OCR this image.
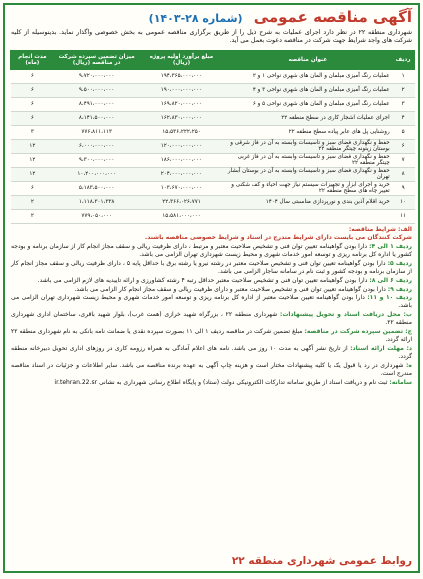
آگهی مناقصه عمومی (شماره ۲۸-۱۴۰۳)
شهرداری منطقه ۲۲ در نظر دارد اجرای عملیات به شرح ذیل را از طریق برگزاری مناقصه عمومی به بخش خصوصی واگذار نماید. بدینوسیله از کلیه شرکت های واجد شرایط جهت شرکت در مناقصه دعوت بعمل می آید.
ردیف	عنوان مناقصه	مبلغ برآورد اولیه پروژه (ریال)	میزان تضمین سپرده شرکت در مناقصه (ریال)	مدت انجام (ماه)
۱	عملیات رنگ آمیزی مبلمان و المان های شهری نواحی ۱ و ۲	۱۹۴،۳۶۵،۰۰۰،۰۰۰	۹،۷۲۰،۰۰۰،۰۰۰	۶
۲	عملیات رنگ آمیزی مبلمان و المان های شهری نواحی ۳ و ۴	۱۹۰،۰۰۰،۰۰۰،۰۰۰	۹،۵۰۰،۰۰۰،۰۰۰	۶
۳	عملیات رنگ آمیزی مبلمان و المان های شهری نواحی ۵ و ۶	۱۶۹،۸۲۰،۰۰۰،۰۰۰	۸،۴۹۱،۰۰۰،۰۰۰	۶
۴	اجرای عملیات اشجار کاری در سطح منطقه ۲۲	۱۶۲،۸۳۰،۰۰۰،۰۰۰	۸،۱۴۱،۵۰۰،۰۰۰	۶
۵	روشنایی پل های عابر پیاده سطح منطقه ۲۲	۱۵،۵۳۶،۲۲۲،۲۵۰	۷۷۶،۸۱۱،۱۱۳	۳
۶	حفظ و نگهداری فضای سبز و تاسیسات وابسته به آن در فاز شرقی و بوستان زیتونه چیتگر منطقه ۲۲	۱۲۰،۰۰۰،۰۰۰،۰۰۰	۶،۰۰۰،۰۰۰،۰۰۰	۱۲
۷	حفظ و نگهداری فضای سبز و تاسیسات وابسته به آن در فاز غربی چیتگر منطقه ۲۲	۱۸۶،۰۰۰،۰۰۰،۰۰۰	۹،۳۰۰،۰۰۰،۰۰۰	۱۲
۸	حفظ و نگهداری فضای سبز و تاسیسات وابسته به آن در بوستان آبشار تهران	۲۰۴،۰۰۰،۰۰۰،۰۰۰	۱۰،۲۰۰،۰۰۰،۰۰۰	۱۲
۹	خرید و اجرای ابزار و تجهیزات سیستم نیاز جهت احیاء و کف شکنی و تغییر چاه های سطح منطقه ۲۲	۱۰۳،۶۷۰،۰۰۰،۰۰۰	۵،۱۸۳،۵۰۰،۰۰۰	۶
۱۰	خرید اقلام آذین بندی و نورپردازی مناسبتی سال ۱۴۰۴	۲۲،۳۶۶،۰۲۶،۷۷۱	۱،۱۱۸،۳۰۱،۳۳۸	۲
۱۱		۱۵،۵۸۱،۰۰۰،۰۰۰	۷۷۹،۰۵۰،۰۰۰	۲

الف: شرایط مناقصه:

شرکت کنندگان می بایست دارای شرایط مندرج در اسناد و شرایط خصوصی مناقصه باشند.

ردیف ۱ الی ۴: دارا بودن گواهینامه تعیین توان فنی و تشخیص صلاحیت معتبر و مرتبط ، دارای ظرفیت ریالی و سقف مجاز انجام کار از سازمان برنامه و بودجه کشور یا اداره کل برنامه ریزی و توسعه امور خدمات شهری و محیط زیست شهرداری تهران الزامی می باشد.

ردیف ۵: دارا بودن گواهینامه تعیین توان فنی و تشخیص صلاحیت معتبر در رشته نیرو یا رشته برق با حداقل پایه ۵ ، دارای ظرفیت ریالی و سقف مجاز انجام کار از سازمان برنامه و بودجه کشور و ثبت نام در سامانه ساجار الزامی می باشد.

ردیف ۶ الی ۸: دارا بودن گواهینامه تعیین توان فنی و تشخیص صلاحیت معتبر حداقل رتبه ۴ رشته کشاورزی و ارائه تاییدیه های لازم الزامی می باشد.

ردیف ۹: دارا بودن گواهینامه تعیین توان فنی و تشخیص صلاحیت معتبر و دارای ظرفیت ریالی و سقف مجاز انجام کار الزامی می باشد.

ردیف ۱۰ و ۱۱: دارا بودن گواهینامه تعیین صلاحیت معتبر از اداره کل برنامه ریزی و توسعه امور خدمات شهری و محیط زیست شهرداری تهران الزامی می باشد.

ب: محل دریافت اسناد و تحویل پیشنهادات: شهرداری منطقه ۲۲ ، بزرگراه شهید خرازی (همت غرب)، بلوار شهید باقری، ساختمان اداری شهرداری منطقه ۲۲.

ج: تضمین سپرده شرکت در مناقصه: مبلغ تضمین شرکت در مناقصه ردیف ۱ الی ۱۱ بصورت سپرده نقدی یا ضمانت نامه بانکی به نام شهرداری منطقه ۲۲ ارائه گردد.

د: مهلت ارائه اسناد: از تاریخ نشر آگهی به مدت ۱۰ روز می باشد. نامه های اعلام آمادگی به همراه رزومه کاری در روزهای اداری تحویل دبیرخانه منطقه گردد.

ه: شهرداری در رد یا قبول یک یا کلیه پیشنهادات مختار است و هزینه چاپ آگهی به عهده برنده مناقصه می باشد. سایر اطلاعات و جزئیات در اسناد مناقصه مندرج است.

سامانه: ثبت نام و دریافت اسناد از طریق سامانه تدارکات الکترونیکی دولت (ستاد) و پایگاه اطلاع رسانی شهرداری به نشانی ir.tehran.22.sr

روابط عمومی شهرداری منطقه ۲۲
